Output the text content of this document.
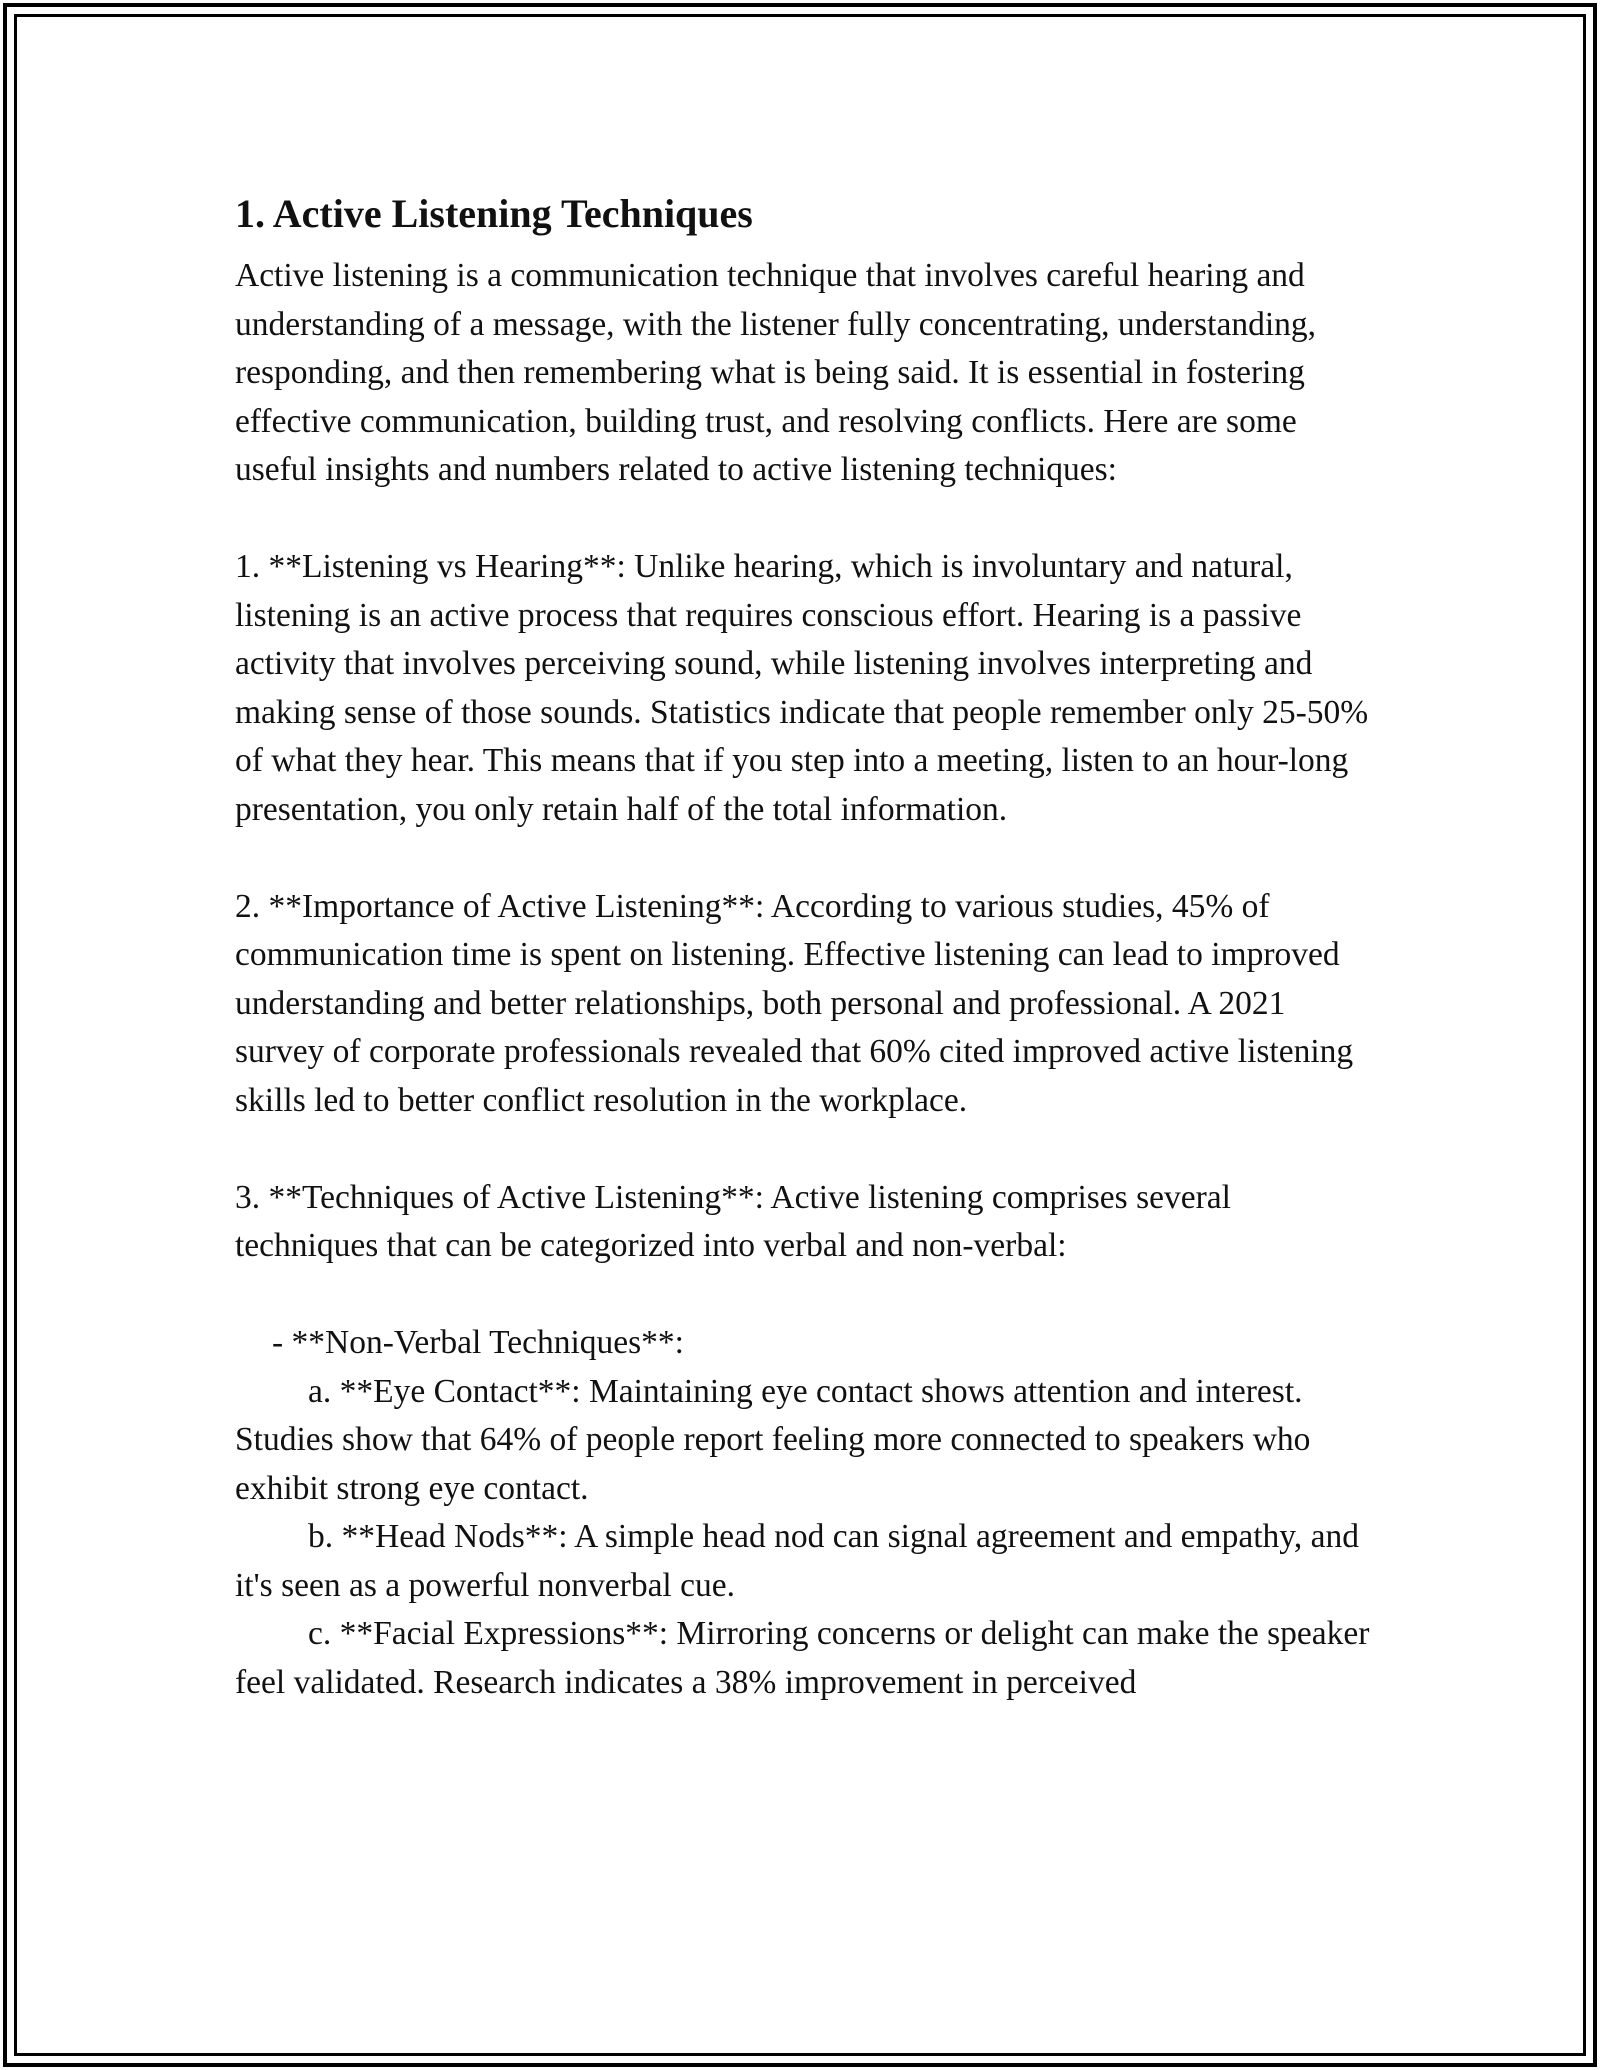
1. Active Listening Techniques

Active listening is a communication technique that involves careful hearing and understanding of a message, with the listener fully concentrating, understanding, responding, and then remembering what is being said. It is essential in fostering effective communication, building trust, and resolving conflicts. Here are some useful insights and numbers related to active listening techniques:

1. **Listening vs Hearing**: Unlike hearing, which is involuntary and natural, listening is an active process that requires conscious effort. Hearing is a passive activity that involves perceiving sound, while listening involves interpreting and making sense of those sounds. Statistics indicate that people remember only 25-50% of what they hear. This means that if you step into a meeting, listen to an hour-long presentation, you only retain half of the total information.

2. **Importance of Active Listening**: According to various studies, 45% of communication time is spent on listening. Effective listening can lead to improved understanding and better relationships, both personal and professional. A 2021 survey of corporate professionals revealed that 60% cited improved active listening skills led to better conflict resolution in the workplace.

3. **Techniques of Active Listening**: Active listening comprises several techniques that can be categorized into verbal and non-verbal:

- **Non-Verbal Techniques**:

a. **Eye Contact**: Maintaining eye contact shows attention and interest. Studies show that 64% of people report feeling more connected to speakers who exhibit strong eye contact.

b. **Head Nods**: A simple head nod can signal agreement and empathy, and it's seen as a powerful nonverbal cue.

c. **Facial Expressions**: Mirroring concerns or delight can make the speaker feel validated. Research indicates a 38% improvement in perceived
